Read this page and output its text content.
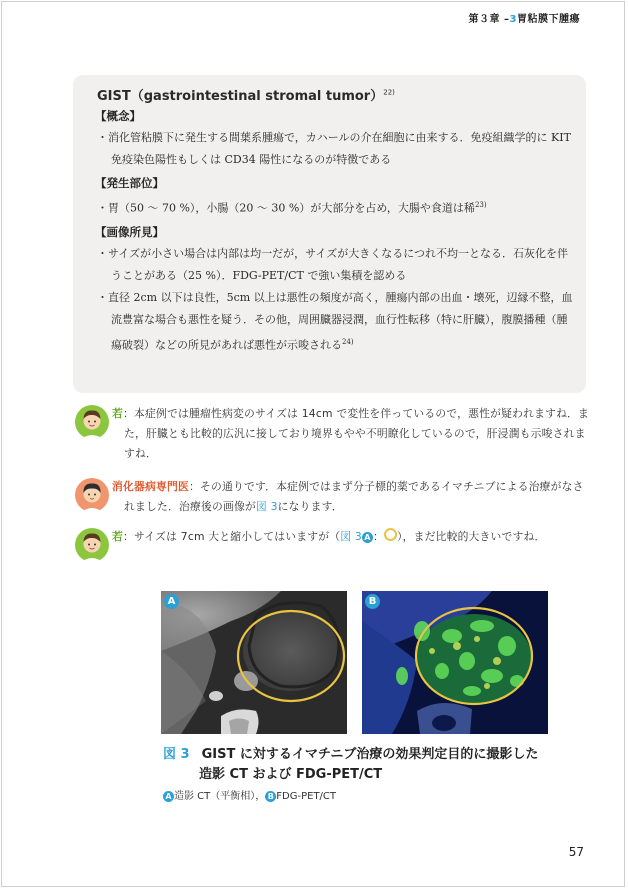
第３章 –3胃粘膜下腫瘍
GIST（gastrointestinal stromal tumor）$^{22)}$
【概念】

・消化管粘膜下に発生する間葉系腫瘍で，カハールの介在細胞に由来する．免疫組織学的に KIT 免疫染色陽性もしくは CD34 陽性になるのが特徴である

【発生部位】

・胃（50 ～ 70 %），小腸（20 ～ 30 %）が大部分を占め，大腸や食道は稀$^{23)}$

【画像所見】

・サイズが小さい場合は内部は均一だが，サイズが大きくなるにつれ不均一となる．石灰化を伴うことがある（25 %）．FDG-PET/CT で強い集積を認める

・直径 2cm 以下は良性，5cm 以上は悪性の頻度が高く，腫瘍内部の出血・壊死，辺縁不整，血流豊富な場合も悪性を疑う．その他，周囲臓器浸潤，血行性転移（特に肝臓），腹膜播種（腫瘍破裂）などの所見があれば悪性が示唆される$^{24)}$

若：本症例では腫瘤性病変のサイズは 14cm で変性を伴っているので，悪性が疑われますね．また，肝臓とも比較的広汎に接しており境界もやや不明瞭化しているので，肝浸潤も示唆されますね．
消化器病専門医：その通りです．本症例ではまず分子標的薬であるイマチニブによる治療がなされました．治療後の画像が図 3になります．
若：サイズは 7cm 大と縮小してはいますが（図 3 A ： ），まだ比較的大きいですね．
A	B
図 3 GIST に対するイマチニブ治療の効果判定目的に撮影した
造影 CT および FDG-PET/CT
A 造影 CT（平衡相）， B FDG-PET/CT
57
